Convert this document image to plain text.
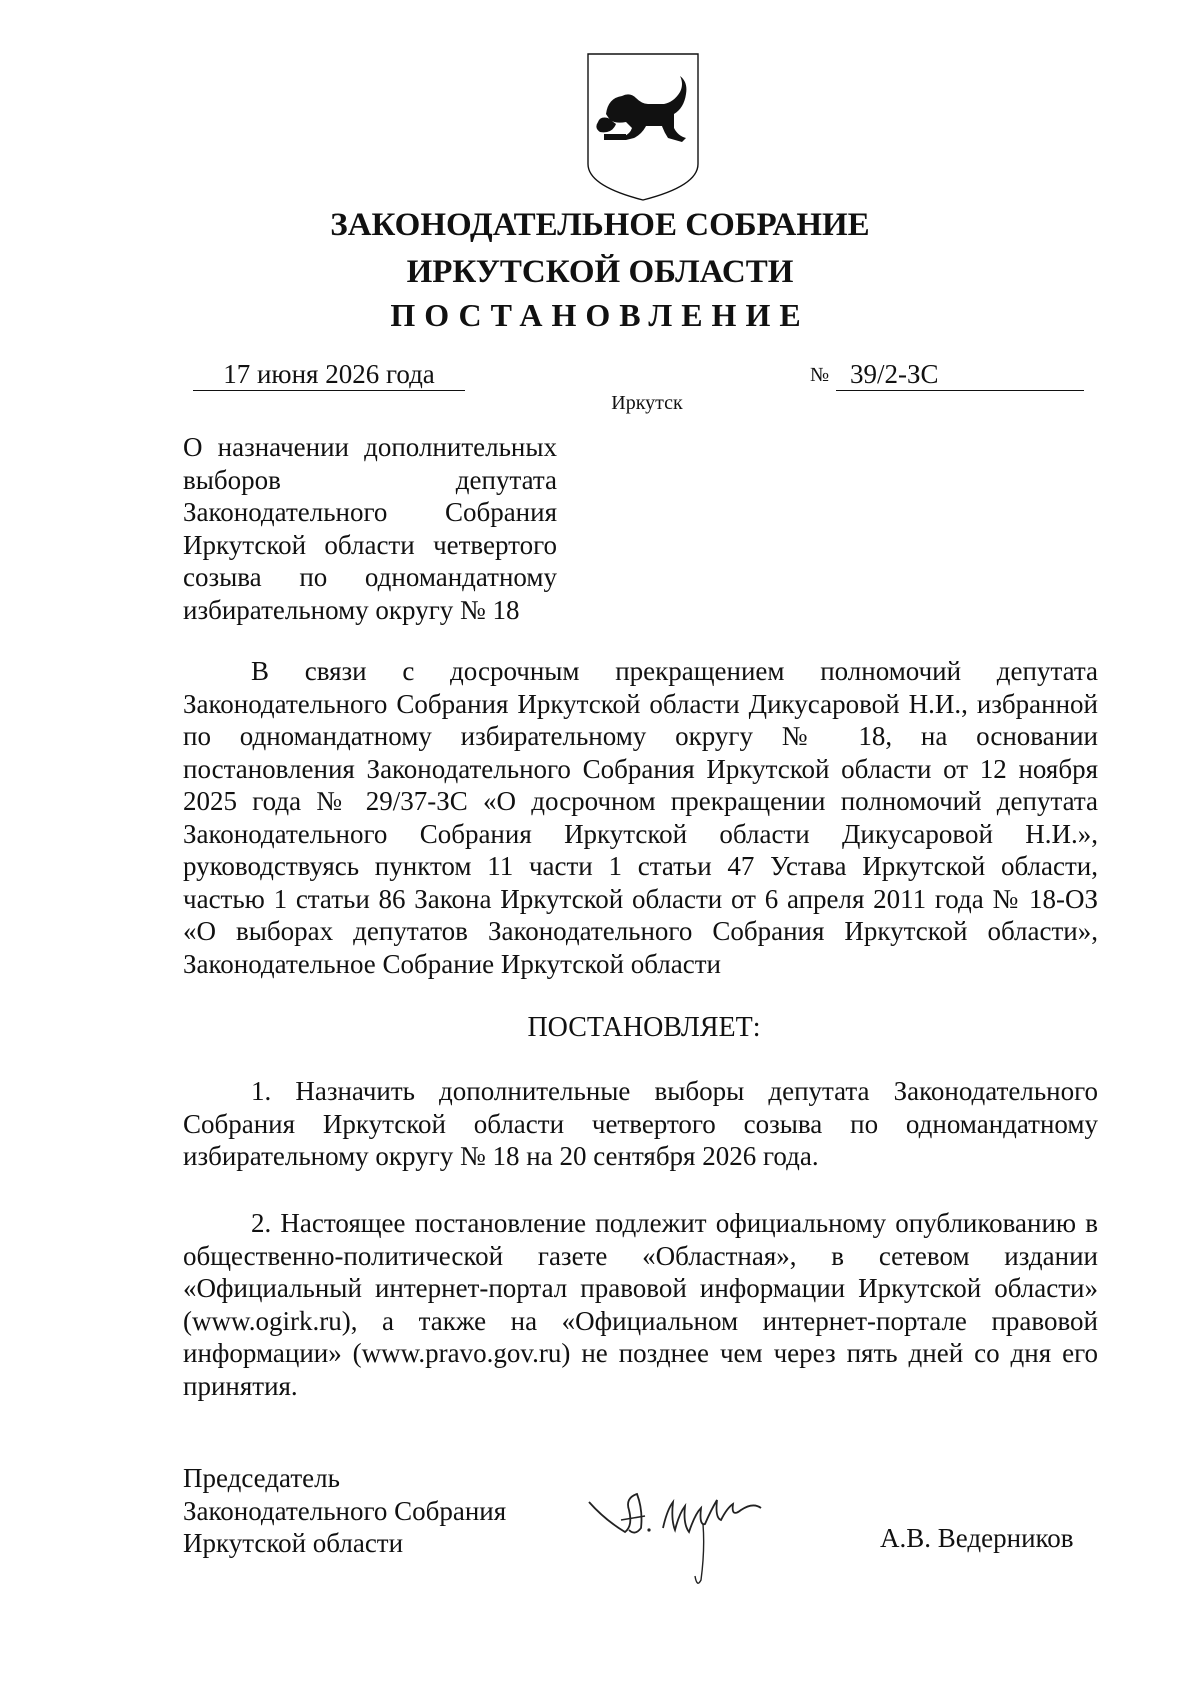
ЗАКОНОДАТЕЛЬНОЕ СОБРАНИЕ
ИРКУТСКОЙ ОБЛАСТИ
ПОСТАНОВЛЕНИЕ
17 июня 2026 года	№ 39/2-ЗС
Иркутск
О назначении дополнительных
выборов депутата
Законодательного Собрания
Иркутской области четвертого
созыва по одномандатному
избирательному округу № 18

В связи с досрочным прекращением полномочий депутата Законодательного Собрания Иркутской области Дикусаровой Н.И., избранной по одномандатному избирательному округу № 18, на основании постановления Законодательного Собрания Иркутской области от 12 ноября 2025 года № 29/37-ЗС «О досрочном прекращении полномочий депутата Законодательного Собрания Иркутской области Дикусаровой Н.И.», руководствуясь пунктом 11 части 1 статьи 47 Устава Иркутской области, частью 1 статьи 86 Закона Иркутской области от 6 апреля 2011 года № 18-ОЗ «О выборах депутатов Законодательного Собрания Иркутской области», Законодательное Собрание Иркутской области

ПОСТАНОВЛЯЕТ:

1. Назначить дополнительные выборы депутата Законодательного Собрания Иркутской области четвертого созыва по одномандатному избирательному округу № 18 на 20 сентября 2026 года.

2. Настоящее постановление подлежит официальному опубликованию в общественно-политической газете «Областная», в сетевом издании «Официальный интернет-портал правовой информации Иркутской области» (www.ogirk.ru), а также на «Официальном интернет-портале правовой информации» (www.pravo.gov.ru) не позднее чем через пять дней со дня его принятия.

Председатель
Законодательного Собрания
Иркутской области	А.В. Ведерников
